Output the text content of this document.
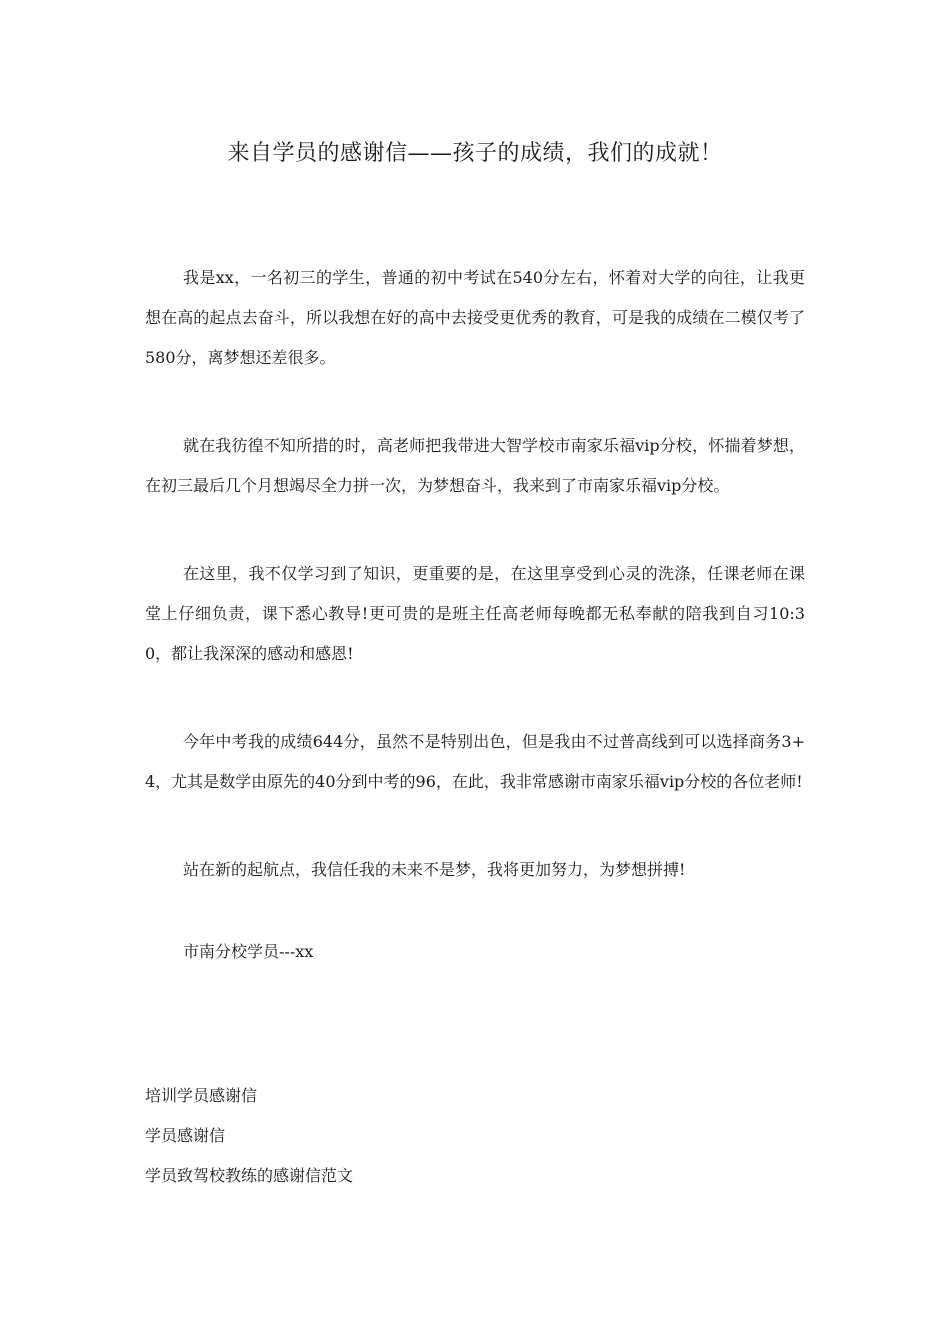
来自学员的感谢信——孩子的成绩，我们的成就！

我是xx，一名初三的学生，普通的初中考试在540分左右，怀着对大学的向往，让我更想在高的起点去奋斗，所以我想在好的高中去接受更优秀的教育，可是我的成绩在二模仅考了580分，离梦想还差很多。

就在我彷徨不知所措的时，高老师把我带进大智学校市南家乐福vip分校，怀揣着梦想，在初三最后几个月想竭尽全力拼一次，为梦想奋斗，我来到了市南家乐福vip分校。

在这里，我不仅学习到了知识，更重要的是，在这里享受到心灵的洗涤，任课老师在课堂上仔细负责，课下悉心教导!更可贵的是班主任高老师每晚都无私奉献的陪我到自习10:30，都让我深深的感动和感恩!

今年中考我的成绩644分，虽然不是特别出色，但是我由不过普高线到可以选择商务3+4，尤其是数学由原先的40分到中考的96，在此，我非常感谢市南家乐福vip分校的各位老师!

站在新的起航点，我信任我的未来不是梦，我将更加努力，为梦想拼搏!

市南分校学员---xx

培训学员感谢信

学员感谢信

学员致驾校教练的感谢信范文
